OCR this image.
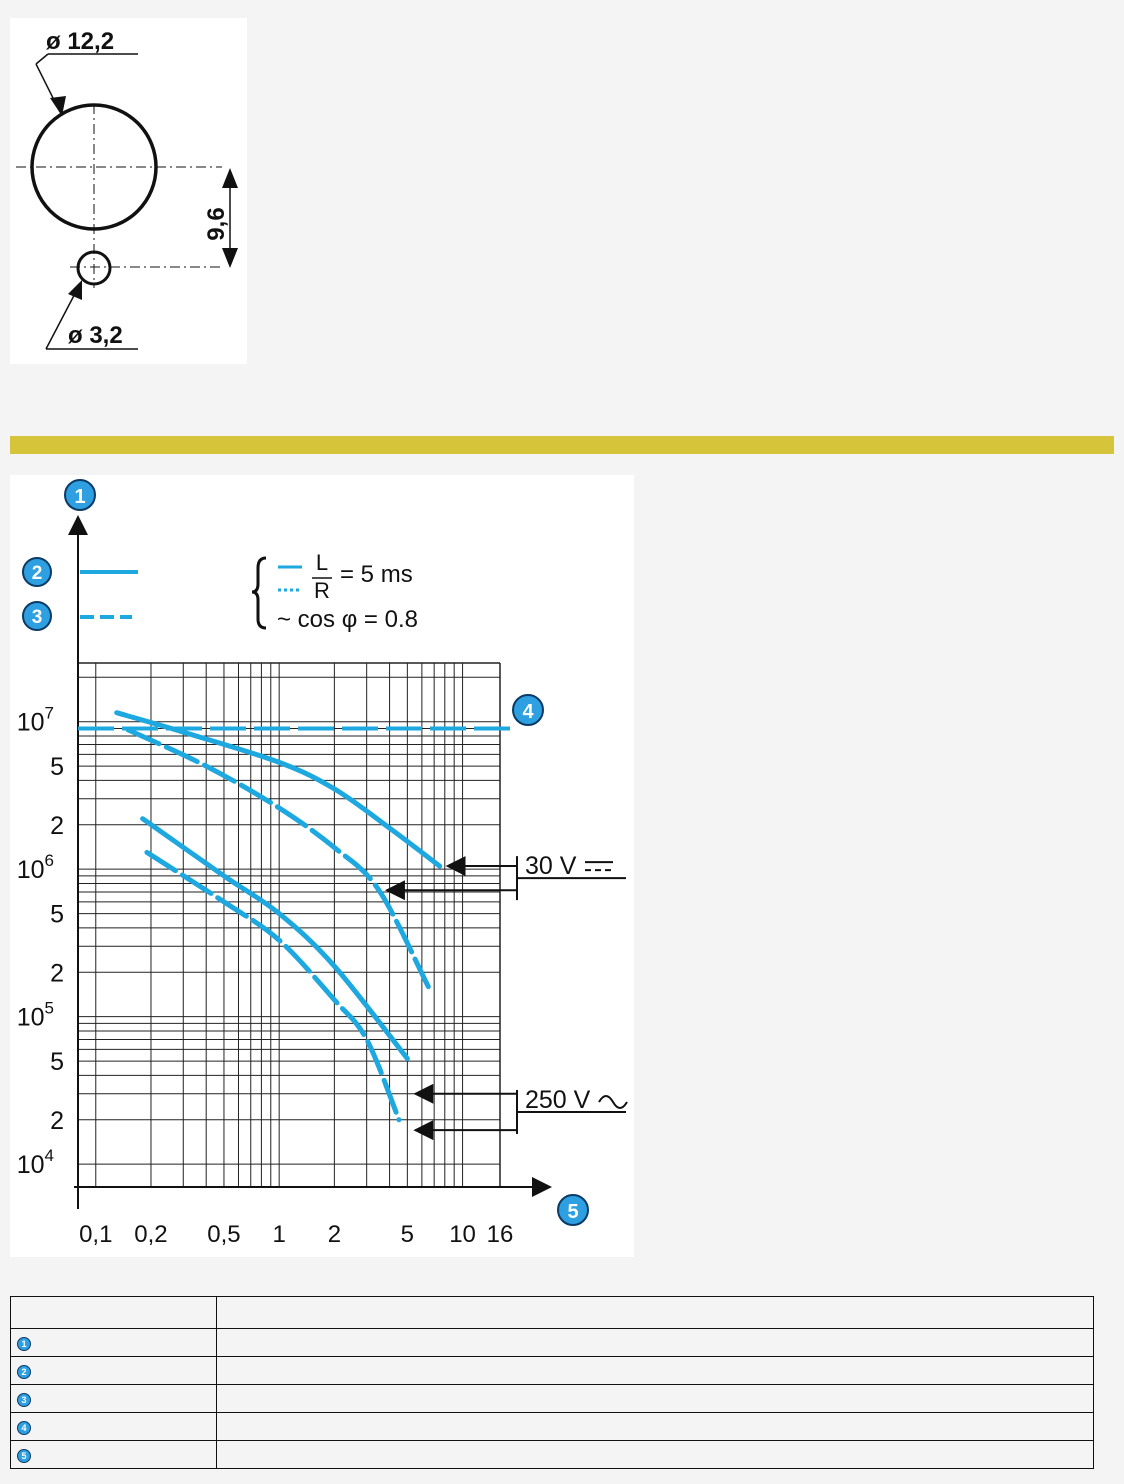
ø 12,2
ø 3,2
9,6
$10^4$
2
5
$10^5$
2
5
$10^6$
2
5
$10^7$
0,1 0,2 0,5 1 2 5 10 16
30 V
250 V
2
3
L
R
= 5 ms
~ cos φ = 0.8
1
5
4

1	
2	
3	
4	
5	
